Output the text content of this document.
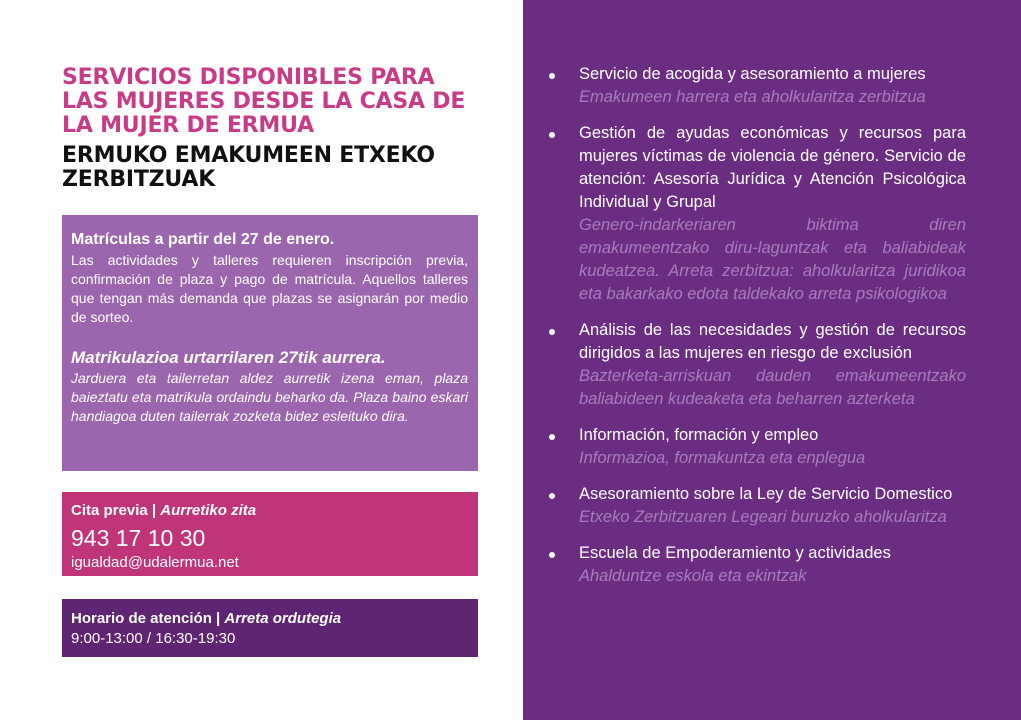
SERVICIOS DISPONIBLES PARA LAS MUJERES DESDE LA CASA DE LA MUJER DE ERMUA
ERMUKO EMAKUMEEN ETXEKO ZERBITZUAK

Matrículas a partir del 27 de enero.

Las actividades y talleres requieren inscripción previa, confirmación de plaza y pago de matrícula. Aquellos talleres que tengan más demanda que plazas se asignarán por medio de sorteo.

Matrikulazioa urtarrilaren 27tik aurrera.

Jarduera eta tailerretan aldez aurretik izena eman, plaza baieztatu eta matrikula ordaindu beharko da. Plaza baino eskari handiagoa duten tailerrak zozketa bidez esleituko dira.

Cita previa | Aurretiko zita
943 17 10 30
igualdad@udalermua.net
Horario de atención | Arreta ordutegia
9:00-13:00 / 16:30-19:30

Servicio de acogida y asesoramiento a mujeres

Emakumeen harrera eta aholkularitza zerbitzua

Gestión de ayudas económicas y recursos para mujeres víctimas de violencia de género. Servicio de atención: Asesoría Jurídica y Atención Psicológica Individual y Grupal

Genero-indarkeriaren biktima diren emakumeentzako diru-laguntzak eta baliabideak kudeatzea. Arreta zerbitzua: aholkularitza juridikoa eta bakarkako edota taldekako arreta psikologikoa

Análisis de las necesidades y gestión de recursos dirigidos a las mujeres en riesgo de exclusión

Bazterketa-arriskuan dauden emakumeentzako baliabideen kudeaketa eta beharren azterketa

Información, formación y empleo

Informazioa, formakuntza eta enplegua

Asesoramiento sobre la Ley de Servicio Domestico

Etxeko Zerbitzuaren Legeari buruzko aholkularitza

Escuela de Empoderamiento y actividades

Ahalduntze eskola eta ekintzak
